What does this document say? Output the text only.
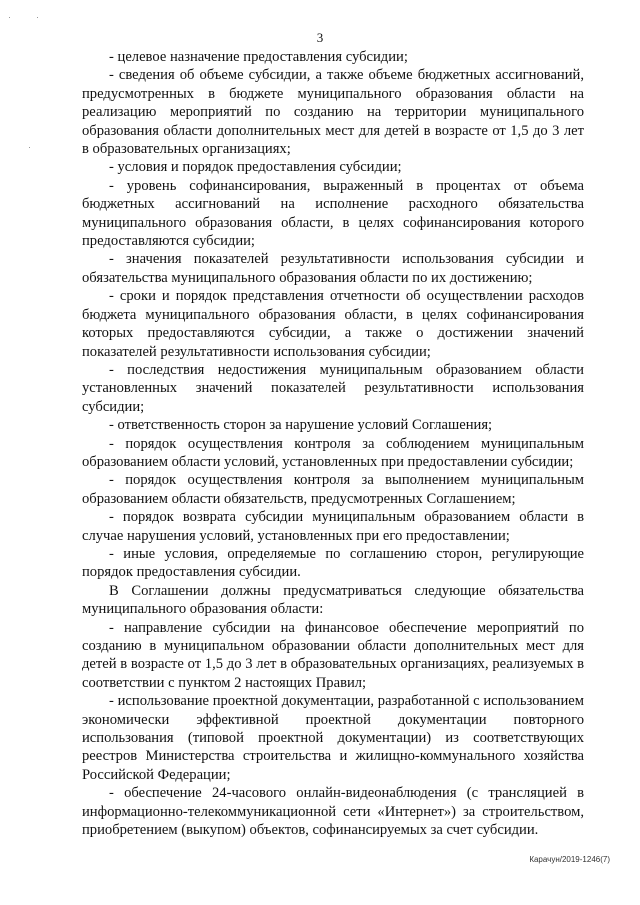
·	·
·
3

- целевое назначение предоставления субсидии;

- сведения об объеме субсидии, а также объеме бюджетных ассигнований, предусмотренных в бюджете муниципального образования области на реализацию мероприятий по созданию на территории муниципального образования области дополнительных мест для детей в возрасте от 1,5 до 3 лет в образовательных организациях;

- условия и порядок предоставления субсидии;

- уровень софинансирования, выраженный в процентах от объема бюджетных ассигнований на исполнение расходного обязательства муниципального образования области, в целях софинансирования которого предоставляются субсидии;

- значения показателей результативности использования субсидии и обязательства муниципального образования области по их достижению;

- сроки и порядок представления отчетности об осуществлении расходов бюджета муниципального образования области, в целях софинансирования которых предоставляются субсидии, а также о достижении значений показателей результативности использования субсидии;

- последствия недостижения муниципальным образованием области установленных значений показателей результативности использования субсидии;

- ответственность сторон за нарушение условий Соглашения;

- порядок осуществления контроля за соблюдением муниципальным образованием области условий, установленных при предоставлении субсидии;

- порядок осуществления контроля за выполнением муниципальным образованием области обязательств, предусмотренных Соглашением;

- порядок возврата субсидии муниципальным образованием области в случае нарушения условий, установленных при его предоставлении;

- иные условия, определяемые по соглашению сторон, регулирующие порядок предоставления субсидии.

В Соглашении должны предусматриваться следующие обязательства муниципального образования области:

- направление субсидии на финансовое обеспечение мероприятий по созданию в муниципальном образовании области дополнительных мест для детей в возрасте от 1,5 до 3 лет в образовательных организациях, реализуемых в соответствии с пунктом 2 настоящих Правил;

- использование проектной документации, разработанной с использованием экономически эффективной проектной документации повторного использования (типовой проектной документации) из соответствующих реестров Министерства строительства и жилищно-коммунального хозяйства Российской Федерации;

- обеспечение 24-часового онлайн-видеонаблюдения (с трансляцией в информационно-телекоммуникационной сети «Интернет») за строительством, приобретением (выкупом) объектов, софинансируемых за счет субсидии.

Карачун/2019-1246(7)
